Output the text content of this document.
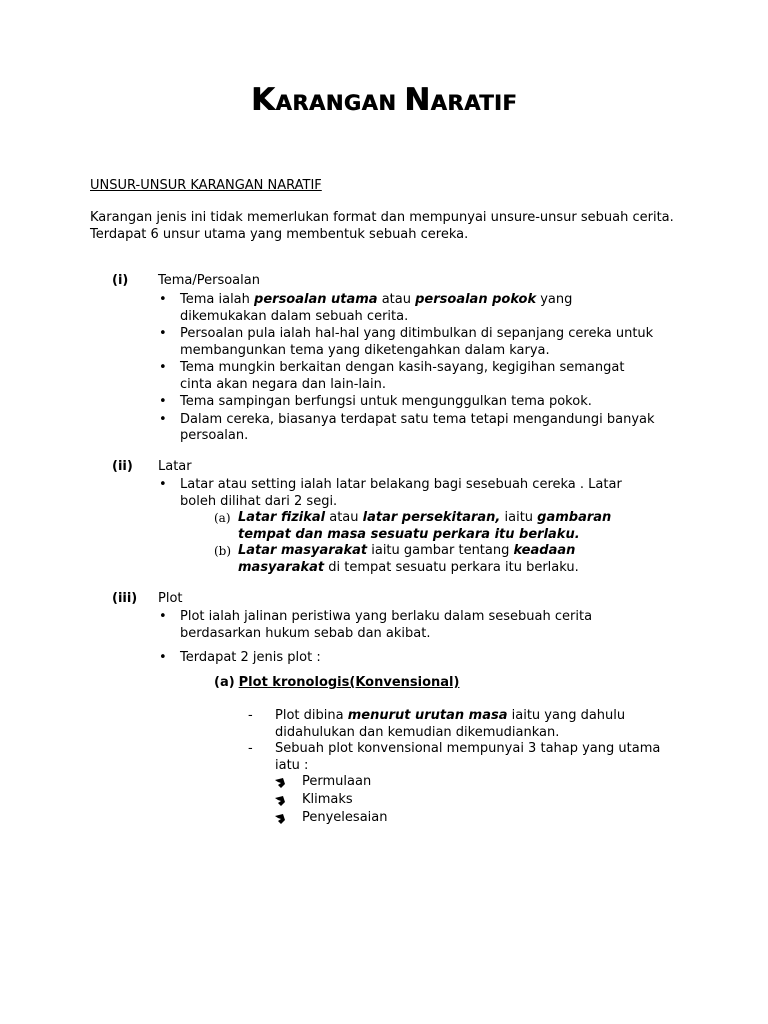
KARANGAN NARATIF
UNSUR-UNSUR KARANGAN NARATIF
Karangan jenis ini tidak memerlukan format dan mempunyai unsure-unsur sebuah cerita.
Terdapat 6 unsur utama yang membentuk sebuah cereka.
(i) Tema/Persoalan
• Tema ialah persoalan utama atau persoalan pokok yang dikemukakan dalam sebuah cerita.
• Persoalan pula ialah hal-hal yang ditimbulkan di sepanjang cereka untuk membangunkan tema yang diketengahkan dalam karya.
• Tema mungkin berkaitan dengan kasih-sayang, kegigihan semangat cinta akan negara dan lain-lain.
• Tema sampingan berfungsi untuk mengunggulkan tema pokok.
• Dalam cereka, biasanya terdapat satu tema tetapi mengandungi banyak persoalan.
(ii) Latar
• Latar atau setting ialah latar belakang bagi sesebuah cereka . Latar boleh dilihat dari 2 segi.
(a) Latar fizikal atau latar persekitaran, iaitu gambaran tempat dan masa sesuatu perkara itu berlaku.
(b) Latar masyarakat iaitu gambar tentang keadaan masyarakat di tempat sesuatu perkara itu berlaku.
(iii) Plot
• Plot ialah jalinan peristiwa yang berlaku dalam sesebuah cerita berdasarkan hukum sebab dan akibat.
• Terdapat 2 jenis plot :
(a) Plot kronologis(Konvensional)
-	Plot dibina menurut urutan masa iaitu yang dahulu didahulukan dan kemudian dikemudiankan.
-	Sebuah plot konvensional mempunyai 3 tahap yang utama iatu :
Permulaan
Klimaks
Penyelesaian
